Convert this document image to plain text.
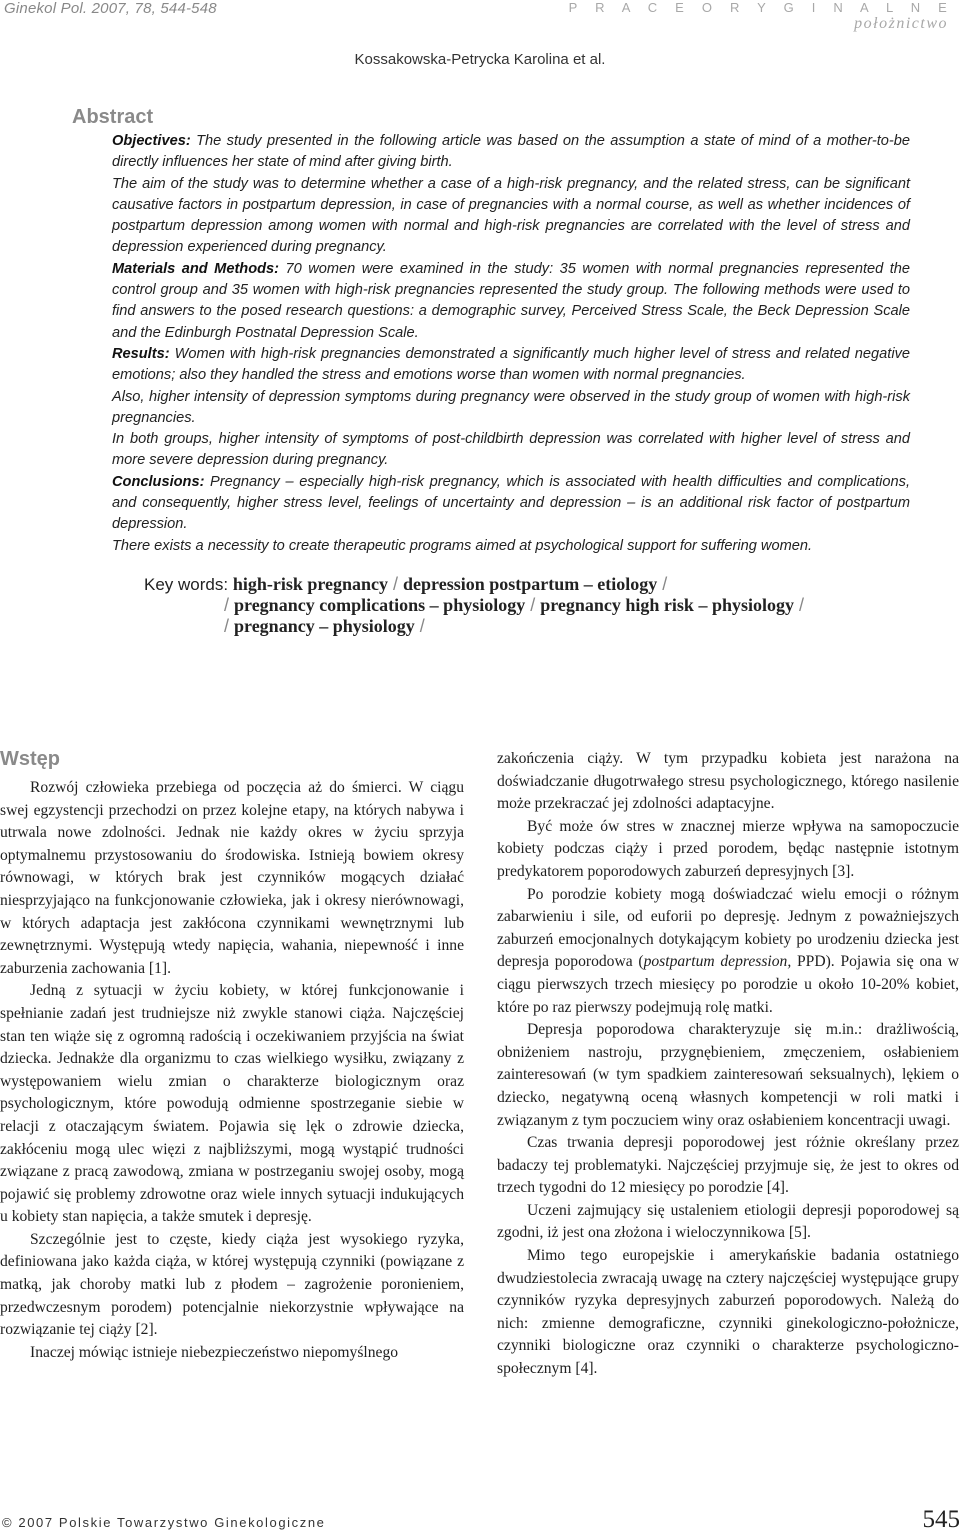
Ginekol Pol. 2007, 78, 544-548	P R A C E O R Y G I N A L N E
położnictwo
Kossakowska-Petrycka Karolina et al.
Abstract

Objectives: The study presented in the following article was based on the assumption a state of mind of a mother-to-be directly influences her state of mind after giving birth.

The aim of the study was to determine whether a case of a high-risk pregnancy, and the related stress, can be significant causative factors in postpartum depression, in case of pregnancies with a normal course, as well as whether incidences of postpartum depression among women with normal and high-risk pregnancies are correlated with the level of stress and depression experienced during pregnancy.

Materials and Methods: 70 women were examined in the study: 35 women with normal pregnancies represented the control group and 35 women with high-risk pregnancies represented the study group. The following methods were used to find answers to the posed research questions: a demographic survey, Perceived Stress Scale, the Beck Depression Scale and the Edinburgh Postnatal Depression Scale.

Results: Women with high-risk pregnancies demonstrated a significantly much higher level of stress and related negative emotions; also they handled the stress and emotions worse than women with normal pregnancies.

Also, higher intensity of depression symptoms during pregnancy were observed in the study group of women with high-risk pregnancies.

In both groups, higher intensity of symptoms of post-childbirth depression was correlated with higher level of stress and more severe depression during pregnancy.

Conclusions: Pregnancy – especially high-risk pregnancy, which is associated with health difficulties and complications, and consequently, higher stress level, feelings of uncertainty and depression – is an additional risk factor of postpartum depression.

There exists a necessity to create therapeutic programs aimed at psychological support for suffering women.

Key words: high-risk pregnancy / depression postpartum – etiology /
/ pregnancy complications – physiology / pregnancy high risk – physiology /
/ pregnancy – physiology /
Wstęp

Rozwój człowieka przebiega od poczęcia aż do śmierci. W ciągu swej egzystencji przechodzi on przez kolejne etapy, na których nabywa i utrwala nowe zdolności. Jednak nie każdy okres w życiu sprzyja optymalnemu przystosowaniu do środowiska. Istnieją bowiem okresy równowagi, w których brak jest czynników mogących działać niesprzyjająco na funkcjonowanie człowieka, jak i okresy nierównowagi, w których adaptacja jest zakłócona czynnikami wewnętrznymi lub zewnętrznymi. Występują wtedy napięcia, wahania, niepewność i inne zaburzenia zachowania [1].

Jedną z sytuacji w życiu kobiety, w której funkcjonowanie i spełnianie zadań jest trudniejsze niż zwykle stanowi ciąża. Najczęściej stan ten wiąże się z ogromną radością i oczekiwaniem przyjścia na świat dziecka. Jednakże dla organizmu to czas wielkiego wysiłku, związany z występowaniem wielu zmian o charakterze biologicznym oraz psychologicznym, które powodują odmienne spostrzeganie siebie w relacji z otaczającym światem. Pojawia się lęk o zdrowie dziecka, zakłóceniu mogą ulec więzi z najbliższymi, mogą wystąpić trudności związane z pracą zawodową, zmiana w postrzeganiu swojej osoby, mogą pojawić się problemy zdrowotne oraz wiele innych sytuacji indukujących u kobiety stan napięcia, a także smutek i depresję.

Szczególnie jest to częste, kiedy ciąża jest wysokiego ryzyka, definiowana jako każda ciąża, w której występują czynniki (powiązane z matką, jak choroby matki lub z płodem – zagrożenie poronieniem, przedwczesnym porodem) potencjalnie niekorzystnie wpływające na rozwiązanie tej ciąży [2].

Inaczej mówiąc istnieje niebezpieczeństwo niepomyślnego

zakończenia ciąży. W tym przypadku kobieta jest narażona na doświadczanie długotrwałego stresu psychologicznego, którego nasilenie może przekraczać jej zdolności adaptacyjne.

Być może ów stres w znacznej mierze wpływa na samopoczucie kobiety podczas ciąży i przed porodem, będąc następnie istotnym predykatorem poporodowych zaburzeń depresyjnych [3].

Po porodzie kobiety mogą doświadczać wielu emocji o różnym zabarwieniu i sile, od euforii po depresję. Jednym z poważniejszych zaburzeń emocjonalnych dotykającym kobiety po urodzeniu dziecka jest depresja poporodowa (postpartum depression, PPD). Pojawia się ona w ciągu pierwszych trzech miesięcy po porodzie u około 10-20% kobiet, które po raz pierwszy podejmują rolę matki.

Depresja poporodowa charakteryzuje się m.in.: drażliwością, obniżeniem nastroju, przygnębieniem, zmęczeniem, osłabieniem zainteresowań (w tym spadkiem zainteresowań seksualnych), lękiem o dziecko, negatywną oceną własnych kompetencji w roli matki i związanym z tym poczuciem winy oraz osłabieniem koncentracji uwagi.

Czas trwania depresji poporodowej jest różnie określany przez badaczy tej problematyki. Najczęściej przyjmuje się, że jest to okres od trzech tygodni do 12 miesięcy po porodzie [4].

Uczeni zajmujący się ustaleniem etiologii depresji poporodowej są zgodni, iż jest ona złożona i wieloczynnikowa [5].

Mimo tego europejskie i amerykańskie badania ostatniego dwudziestolecia zwracają uwagę na cztery najczęściej występujące grupy czynników ryzyka depresyjnych zaburzeń poporodowych. Należą do nich: zmienne demograficzne, czynniki ginekologiczno-położnicze, czynniki biologiczne oraz czynniki o charakterze psychologiczno-społecznym [4].

© 2007 Polskie Towarzystwo Ginekologiczne	545
